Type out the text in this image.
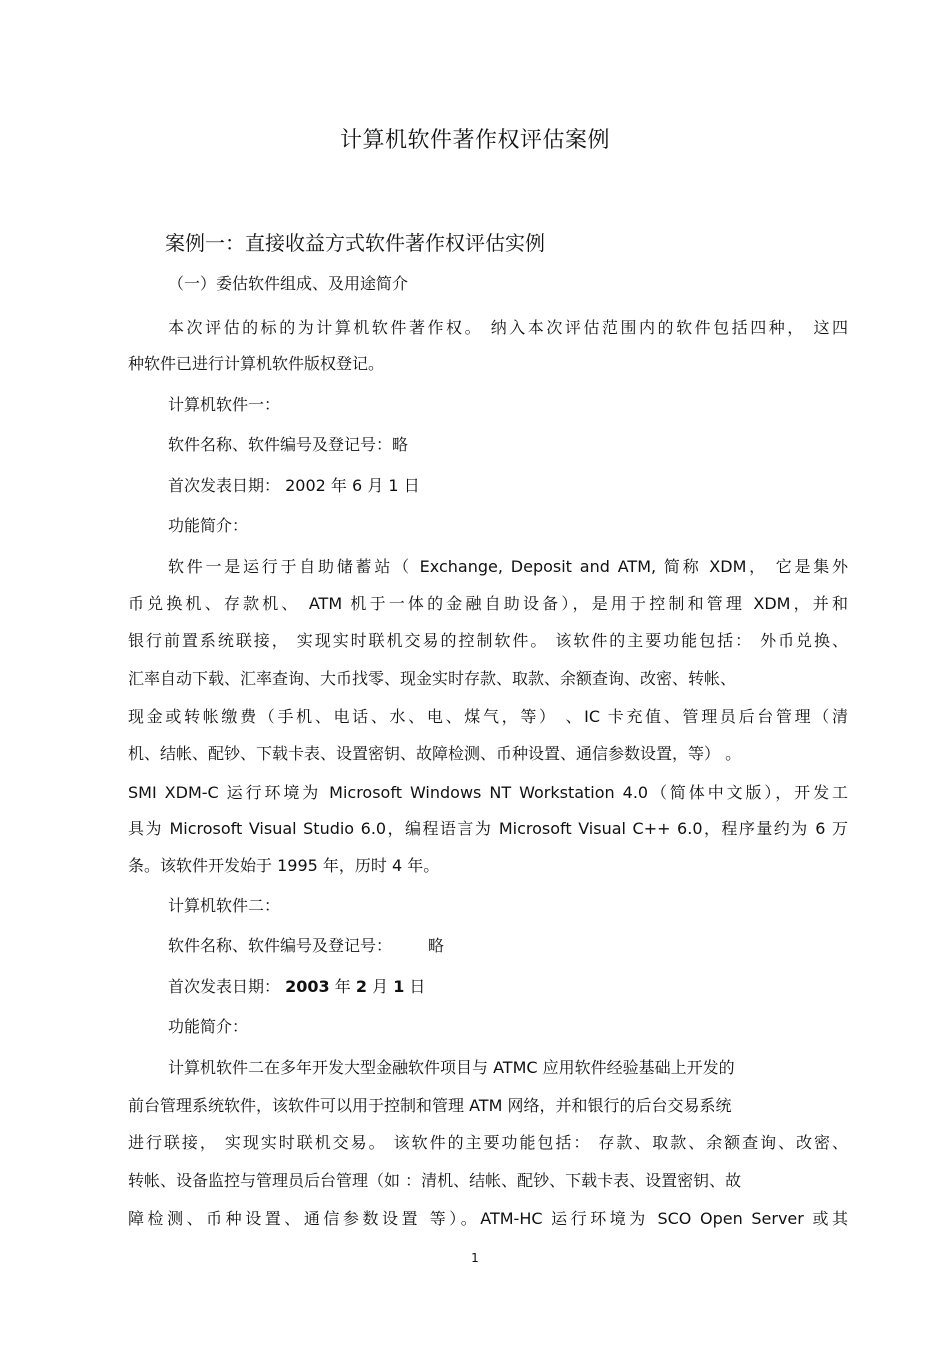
计算机软件著作权评估案例
案例一：直接收益方式软件著作权评估实例
（一）委估软件组成、及用途简介
本次评估的标的为计算机软件著作权。 纳入本次评估范围内的软件包括四种， 这四
种软件已进行计算机软件版权登记。
计算机软件一：
软件名称、软件编号及登记号：略
首次发表日期： 2002 年 6 月 1 日
功能简介：
软件一是运行于自助储蓄站（ Exchange, Deposit and ATM, 简称 XDM， 它是集外
币兑换机、存款机、 ATM 机于一体的金融自助设备），是用于控制和管理 XDM，并和
银行前置系统联接， 实现实时联机交易的控制软件。 该软件的主要功能包括： 外币兑换、
汇率自动下载、汇率查询、大币找零、现金实时存款、取款、余额查询、改密、转帐、
现金或转帐缴费（手机、电话、水、电、煤气，等） 、IC 卡充值、管理员后台管理（清
机、结帐、配钞、下载卡表、设置密钥、故障检测、币种设置、通信参数设置，等） 。
SMI XDM-C 运行环境为 Microsoft Windows NT Workstation 4.0（简体中文版），开发工
具为 Microsoft Visual Studio 6.0，编程语言为 Microsoft Visual C++ 6.0，程序量约为 6 万
条。该软件开发始于 1995 年，历时 4 年。
计算机软件二：
软件名称、软件编号及登记号： 略
首次发表日期： 2003 年 2 月 1 日
功能简介：
计算机软件二在多年开发大型金融软件项目与 ATMC 应用软件经验基础上开发的
前台管理系统软件，该软件可以用于控制和管理 ATM 网络，并和银行的后台交易系统
进行联接， 实现实时联机交易。 该软件的主要功能包括： 存款、取款、余额查询、改密、
转帐、设备监控与管理员后台管理（如 ：清机、结帐、配钞、下载卡表、设置密钥、故
障检测、币种设置、通信参数设置 等）。ATM-HC 运行环境为 SCO Open Server 或其
1
